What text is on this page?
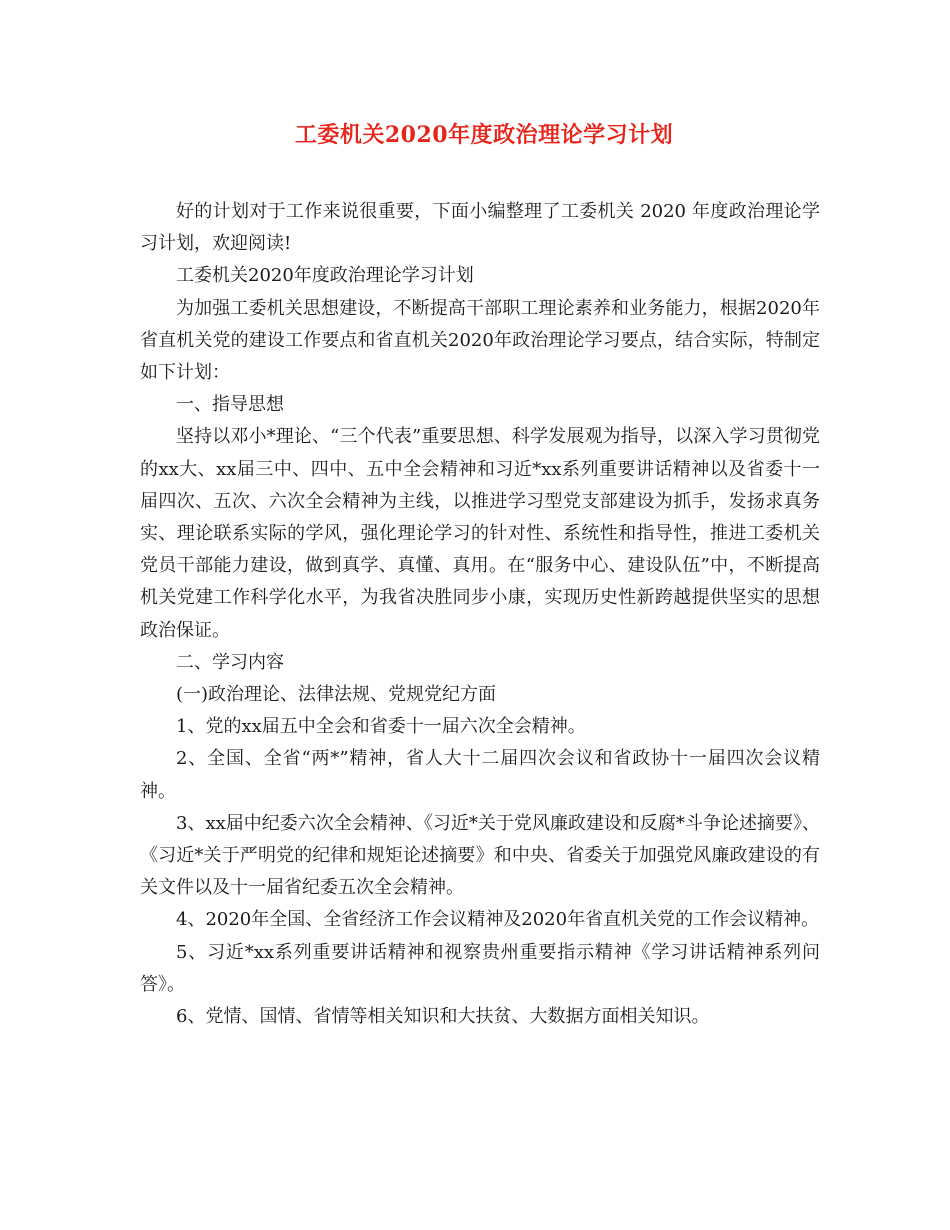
工委机关2020年度政治理论学习计划

好的计划对于工作来说很重要，下面小编整理了工委机关 2020 年度政治理论学习计划，欢迎阅读!

工委机关2020年度政治理论学习计划

为加强工委机关思想建设，不断提高干部职工理论素养和业务能力，根据2020年省直机关党的建设工作要点和省直机关2020年政治理论学习要点，结合实际，特制定如下计划：

一、指导思想

坚持以邓小*理论、“三个代表”重要思想、科学发展观为指导，以深入学习贯彻党的xx大、xx届三中、四中、五中全会精神和习近*xx系列重要讲话精神以及省委十一届四次、五次、六次全会精神为主线，以推进学习型党支部建设为抓手，发扬求真务实、理论联系实际的学风，强化理论学习的针对性、系统性和指导性，推进工委机关党员干部能力建设，做到真学、真懂、真用。在“服务中心、建设队伍”中，不断提高机关党建工作科学化水平，为我省决胜同步小康，实现历史性新跨越提供坚实的思想政治保证。

二、学习内容

(一)政治理论、法律法规、党规党纪方面

1、党的xx届五中全会和省委十一届六次全会精神。

2、全国、全省“两*”精神，省人大十二届四次会议和省政协十一届四次会议精神。

3、xx届中纪委六次全会精神、《习近*关于党风廉政建设和反腐*斗争论述摘要》、《习近*关于严明党的纪律和规矩论述摘要》和中央、省委关于加强党风廉政建设的有关文件以及十一届省纪委五次全会精神。

4、2020年全国、全省经济工作会议精神及2020年省直机关党的工作会议精神。

5、习近*xx系列重要讲话精神和视察贵州重要指示精神《学习讲话精神系列问答》。

6、党情、国情、省情等相关知识和大扶贫、大数据方面相关知识。
